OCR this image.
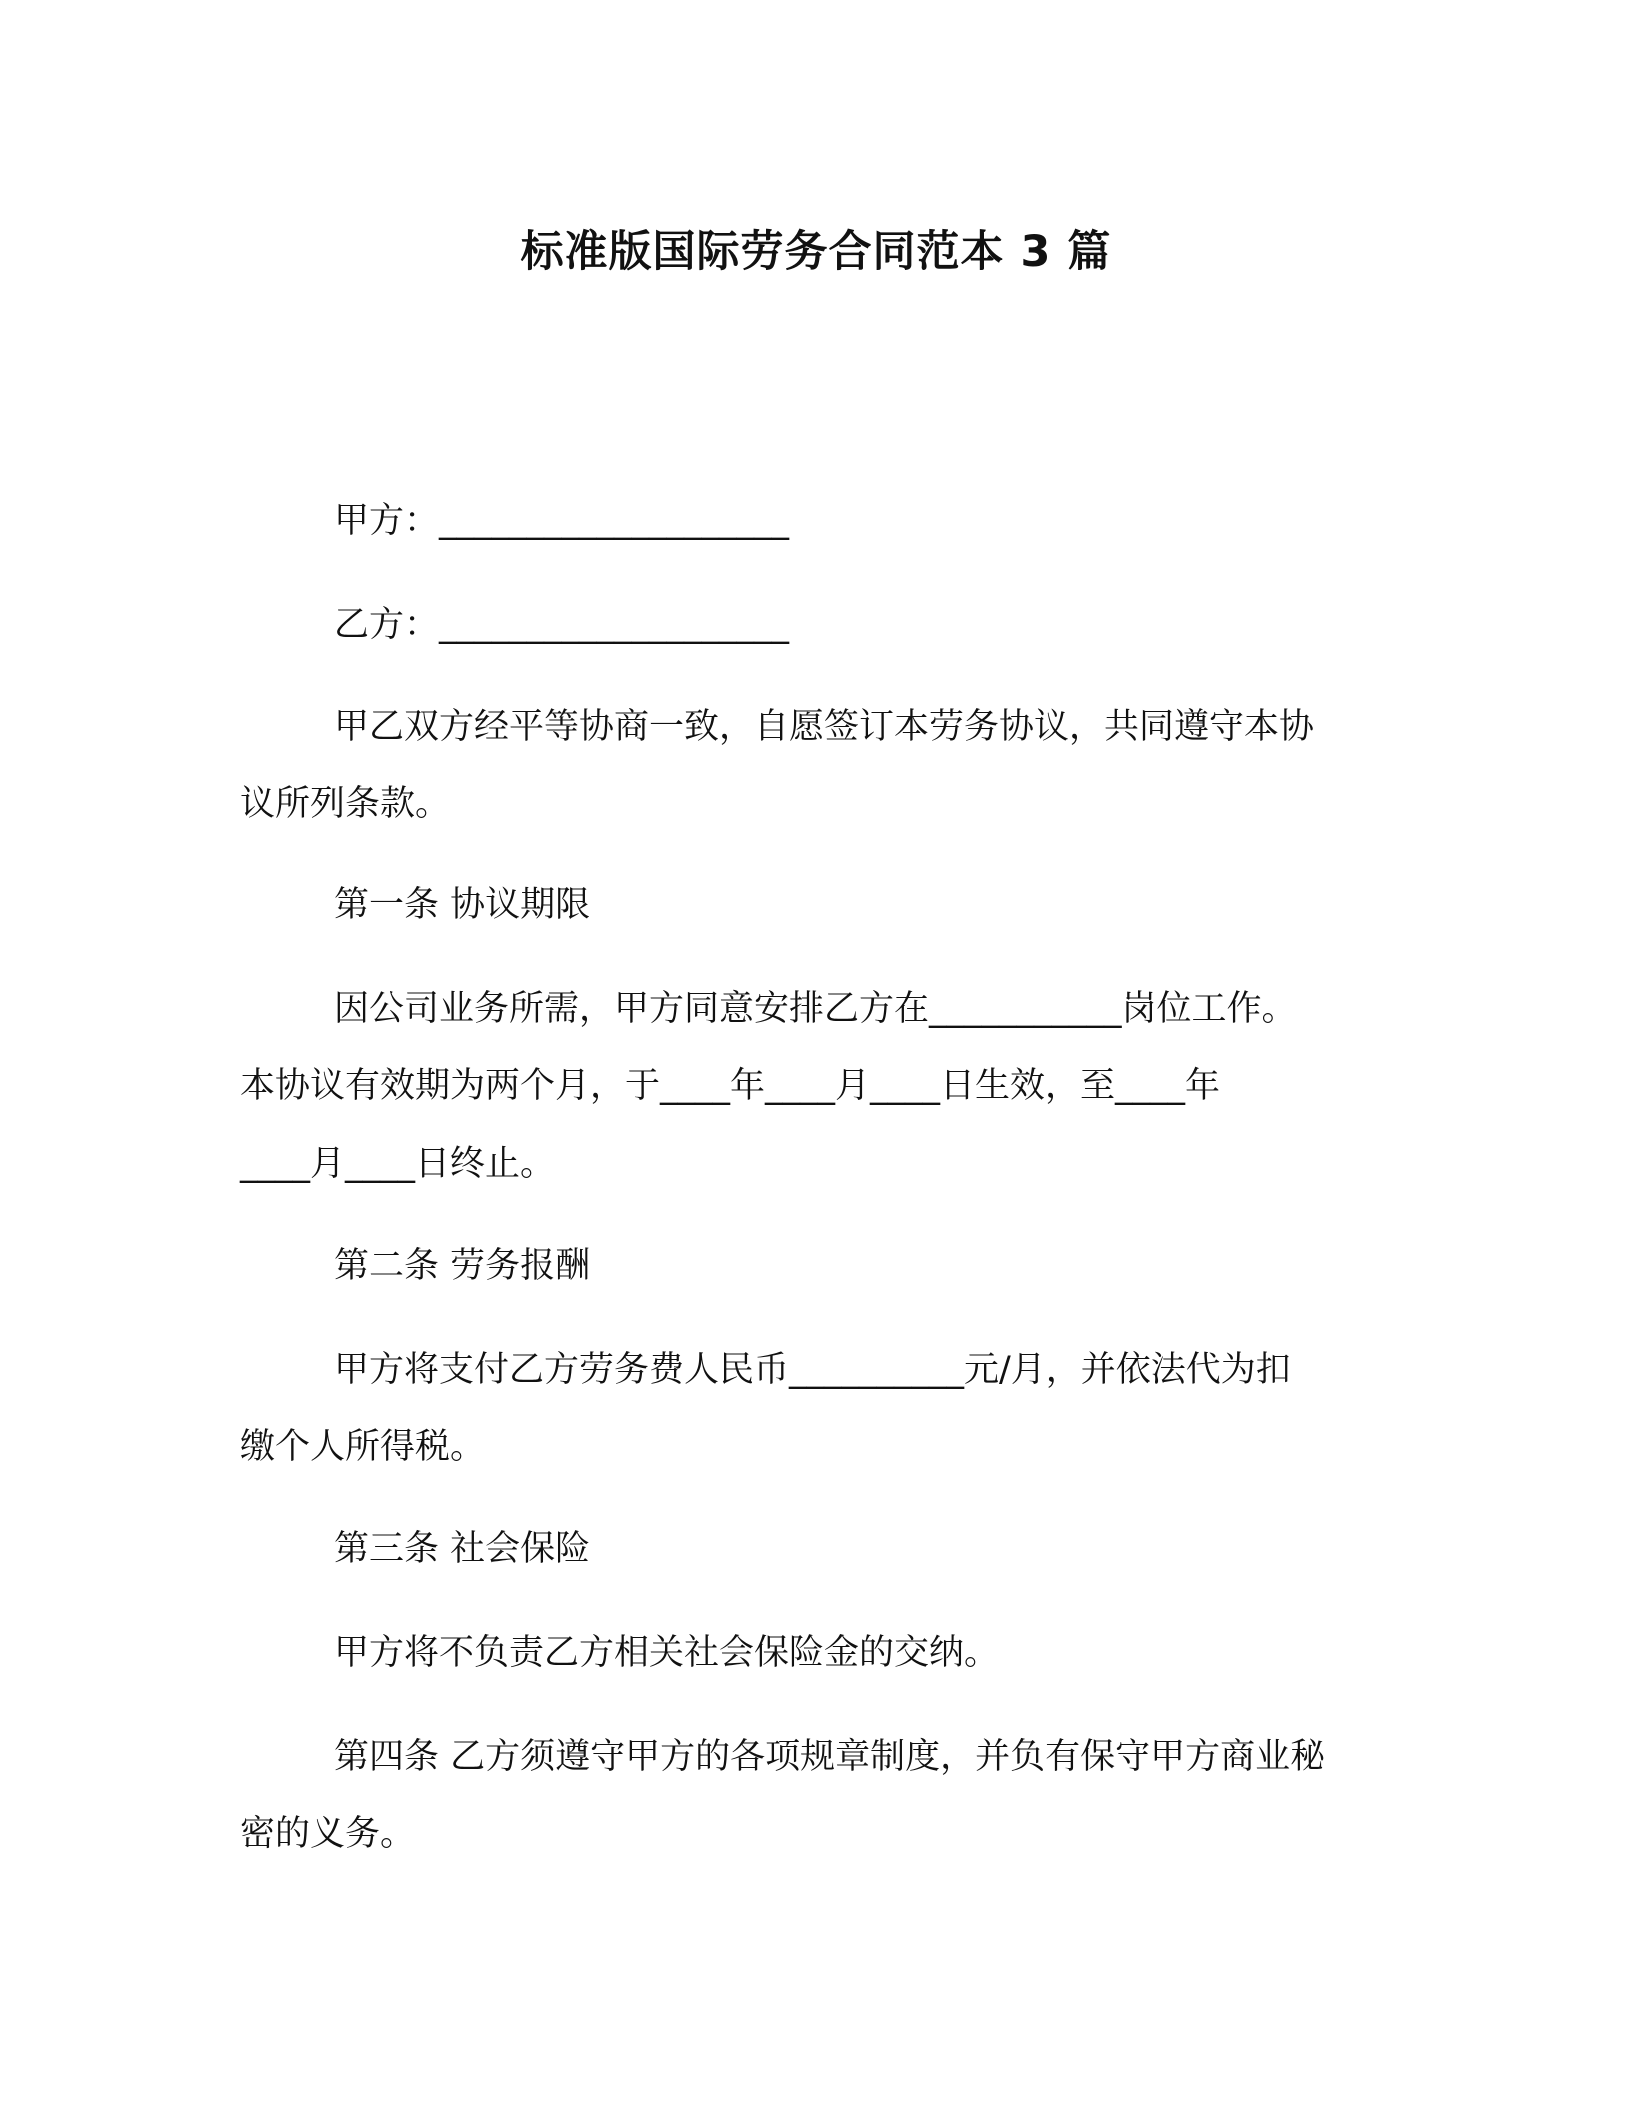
标准版国际劳务合同范本 3 篇
甲方：____________________
乙方：____________________
甲乙双方经平等协商一致，自愿签订本劳务协议，共同遵守本协
议所列条款。
第一条 协议期限
因公司业务所需，甲方同意安排乙方在___________岗位工作。
本协议有效期为两个月，于____年____月____日生效，至____年
____月____日终止。
第二条 劳务报酬
甲方将支付乙方劳务费人民币__________元/月，并依法代为扣
缴个人所得税。
第三条 社会保险
甲方将不负责乙方相关社会保险金的交纳。
第四条 乙方须遵守甲方的各项规章制度，并负有保守甲方商业秘
密的义务。
